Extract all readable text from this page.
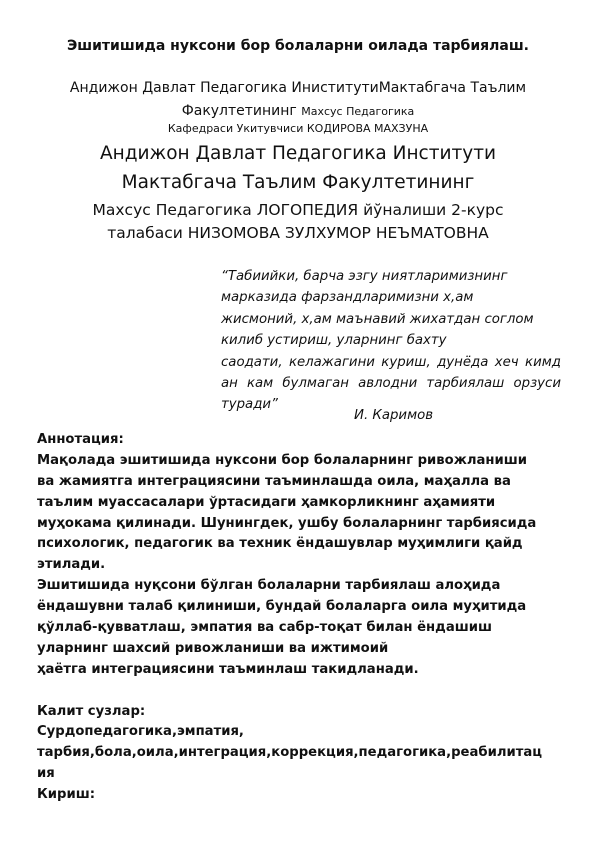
Эшитишида нуксони бор болаларни оилада тарбиялаш.
Андижон Давлат Педагогика ИниститутиМактабгача Таълим
Факултетининг Махсус Педагогика
Кафедраси Укитувчиси КОДИРОВА МАХЗУНА
Андижон Давлат Педагогика Институти
Мактабгача Таълим Факултетининг
Махсус Педагогика ЛОГОПЕДИЯ йўналиши 2-курс
талабаси НИЗОМОВА ЗУЛХУМОР НЕЪМАТОВНА
“Табиийки, барча эзгу ниятларимизнинг
марказида фарзандларимизни х,ам
жисмоний, х,ам маънавий жихатдан соглом
килиб устириш, уларнинг бахту
саодати, келажагини куриш, дунёда хеч кимд
ан кам булмаган авлодни тарбиялаш орзуси
туради”
И. Каримов
Аннотация:
Мақолада эшитишида нуксони бор болаларнинг ривожланиши
ва жамиятга интеграциясини таъминлашда оила, маҳалла ва
таълим муассасалари ўртасидаги ҳамкорликнинг аҳамияти
муҳокама қилинади. Шунингдек, ушбу болаларнинг тарбиясида
психологик, педагогик ва техник ёндашувлар муҳимлиги қайд
этилади.
Эшитишида нуқсони бўлган болаларни тарбиялаш алоҳида
ёндашувни талаб қилиниши, бундай болаларга оила муҳитида
қўллаб-қувватлаш, эмпатия ва сабр-тоқат билан ёндашиш
уларнинг шахсий ривожланиши ва ижтимоий
ҳаётга интеграциясини таъминлаш такидланади.
Калит сузлар:
Сурдопедагогика,эмпатия,
тарбия,бола,оила,интеграция,коррекция,педагогика,реабилитац
ия
Кириш:
